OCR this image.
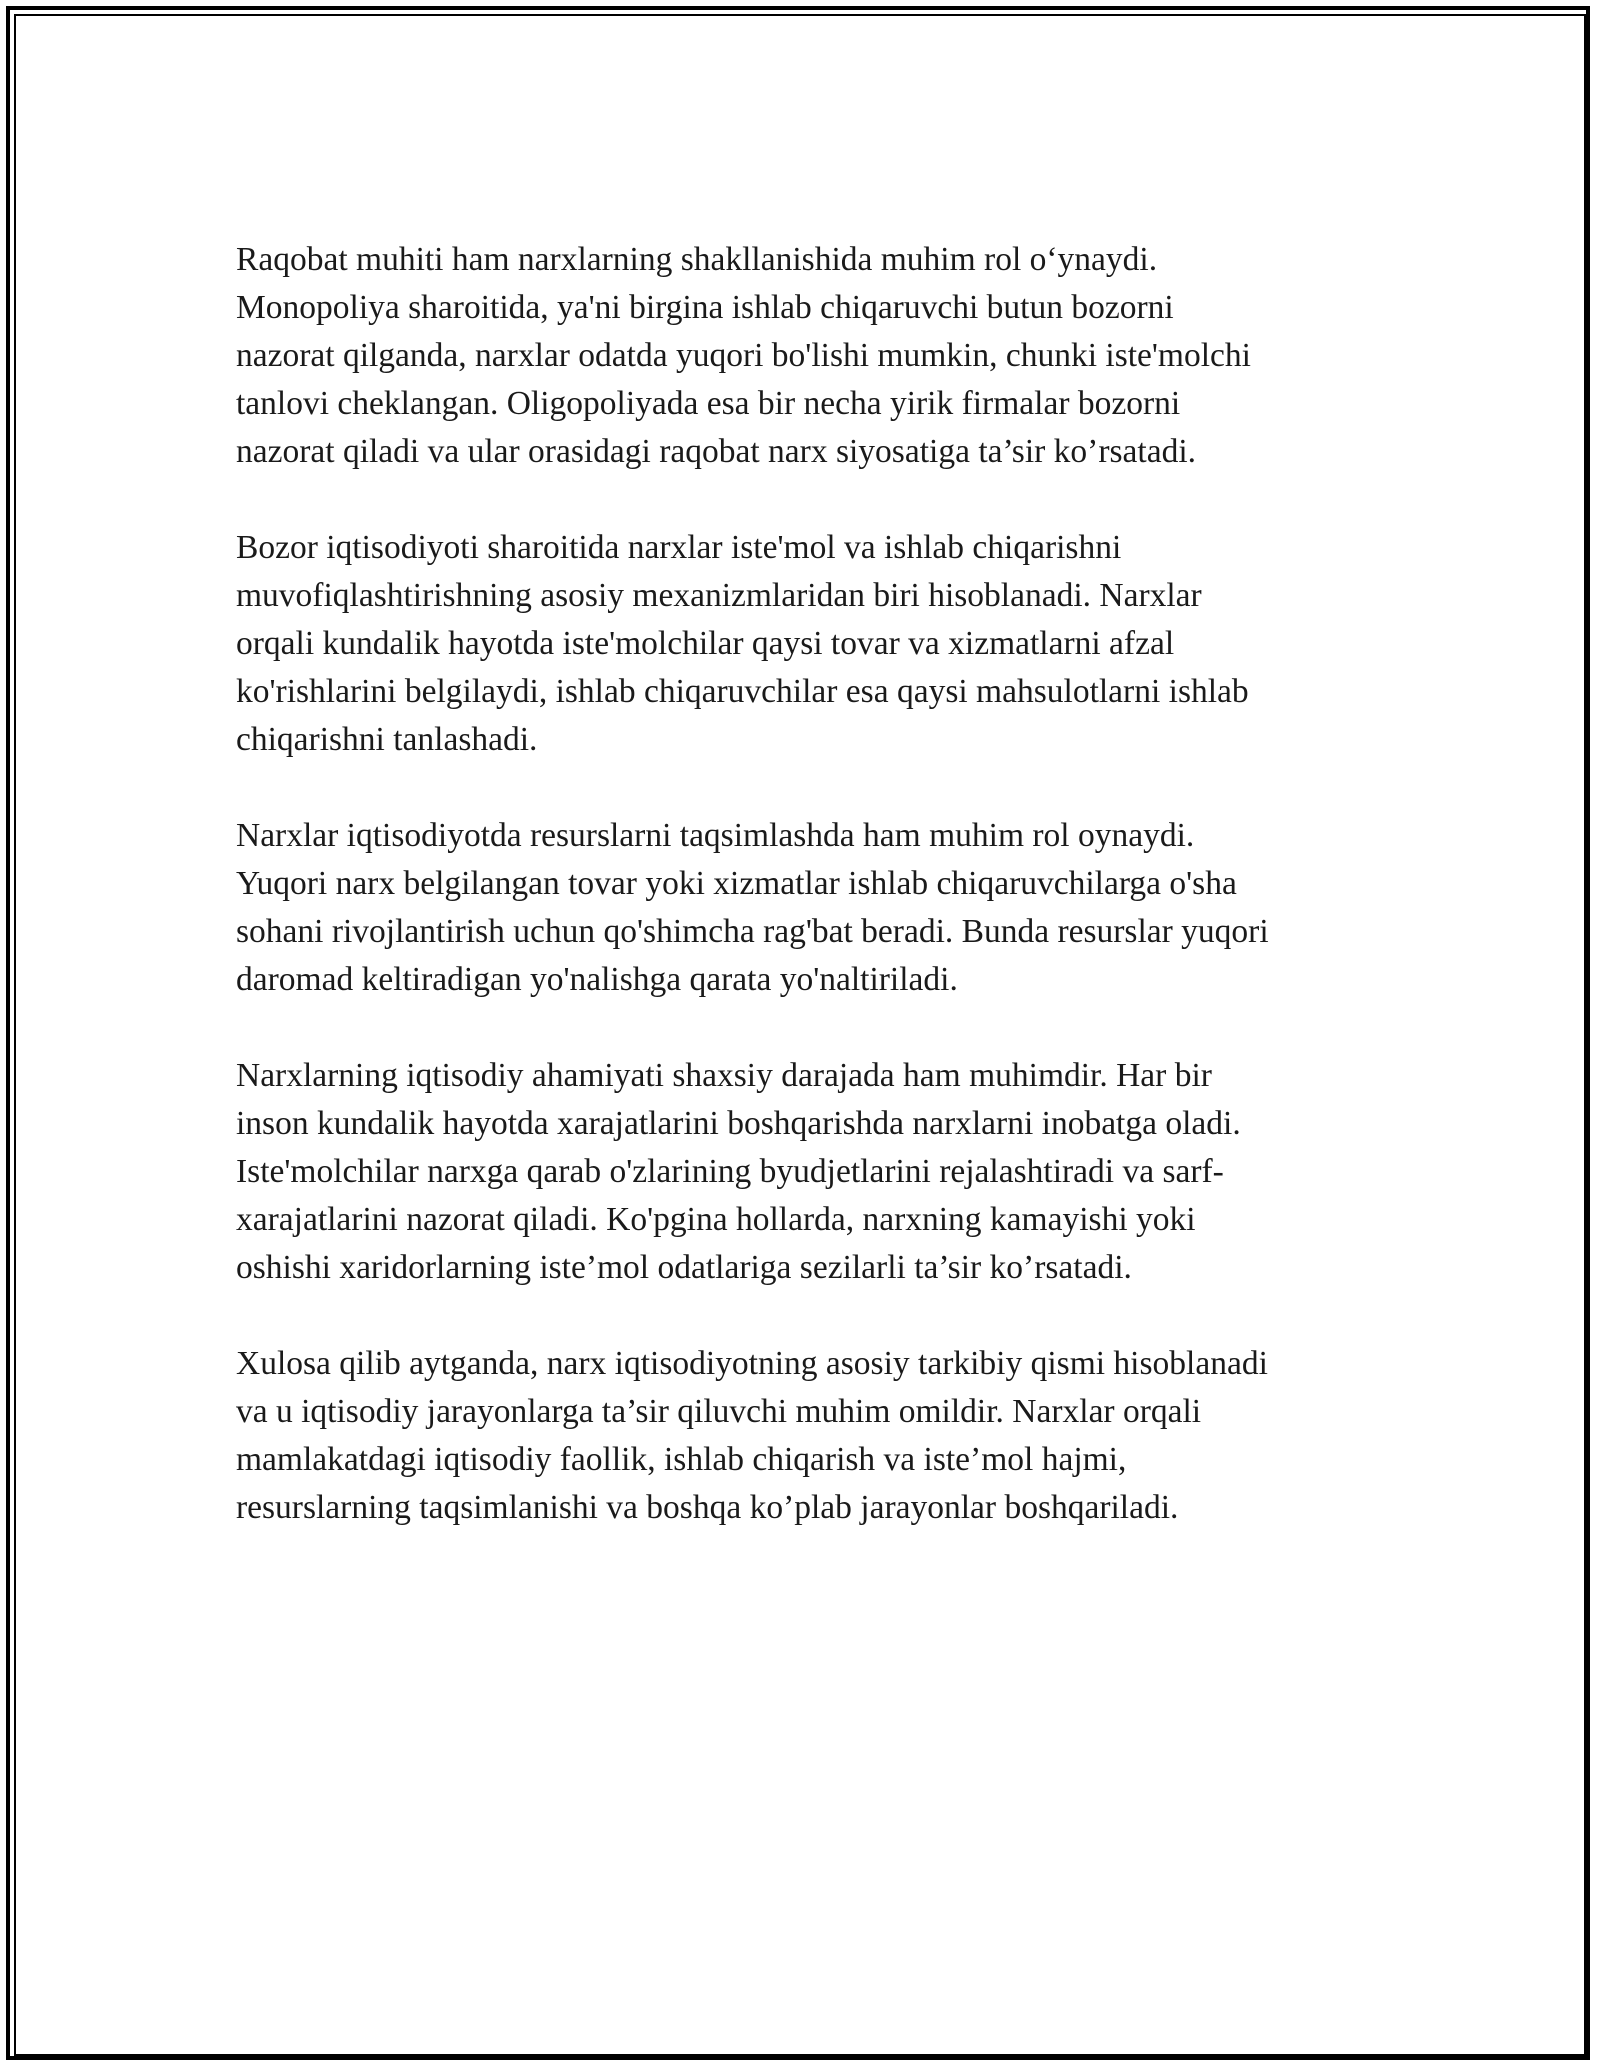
Raqobat muhiti ham narxlarning shakllanishida muhim rol o‘ynaydi.
Monopoliya sharoitida, ya'ni birgina ishlab chiqaruvchi butun bozorni
nazorat qilganda, narxlar odatda yuqori bo'lishi mumkin, chunki iste'molchi
tanlovi cheklangan. Oligopoliyada esa bir necha yirik firmalar bozorni
nazorat qiladi va ular orasidagi raqobat narx siyosatiga ta’sir ko’rsatadi.

Bozor iqtisodiyoti sharoitida narxlar iste'mol va ishlab chiqarishni
muvofiqlashtirishning asosiy mexanizmlaridan biri hisoblanadi. Narxlar
orqali kundalik hayotda iste'molchilar qaysi tovar va xizmatlarni afzal
ko'rishlarini belgilaydi, ishlab chiqaruvchilar esa qaysi mahsulotlarni ishlab
chiqarishni tanlashadi.

Narxlar iqtisodiyotda resurslarni taqsimlashda ham muhim rol oynaydi.
Yuqori narx belgilangan tovar yoki xizmatlar ishlab chiqaruvchilarga o'sha
sohani rivojlantirish uchun qo'shimcha rag'bat beradi. Bunda resurslar yuqori
daromad keltiradigan yo'nalishga qarata yo'naltiriladi.

Narxlarning iqtisodiy ahamiyati shaxsiy darajada ham muhimdir. Har bir
inson kundalik hayotda xarajatlarini boshqarishda narxlarni inobatga oladi.
Iste'molchilar narxga qarab o'zlarining byudjetlarini rejalashtiradi va sarf-
xarajatlarini nazorat qiladi. Ko'pgina hollarda, narxning kamayishi yoki
oshishi xaridorlarning iste’mol odatlariga sezilarli ta’sir ko’rsatadi.

Xulosa qilib aytganda, narx iqtisodiyotning asosiy tarkibiy qismi hisoblanadi
va u iqtisodiy jarayonlarga ta’sir qiluvchi muhim omildir. Narxlar orqali
mamlakatdagi iqtisodiy faollik, ishlab chiqarish va iste’mol hajmi,
resurslarning taqsimlanishi va boshqa ko’plab jarayonlar boshqariladi.
